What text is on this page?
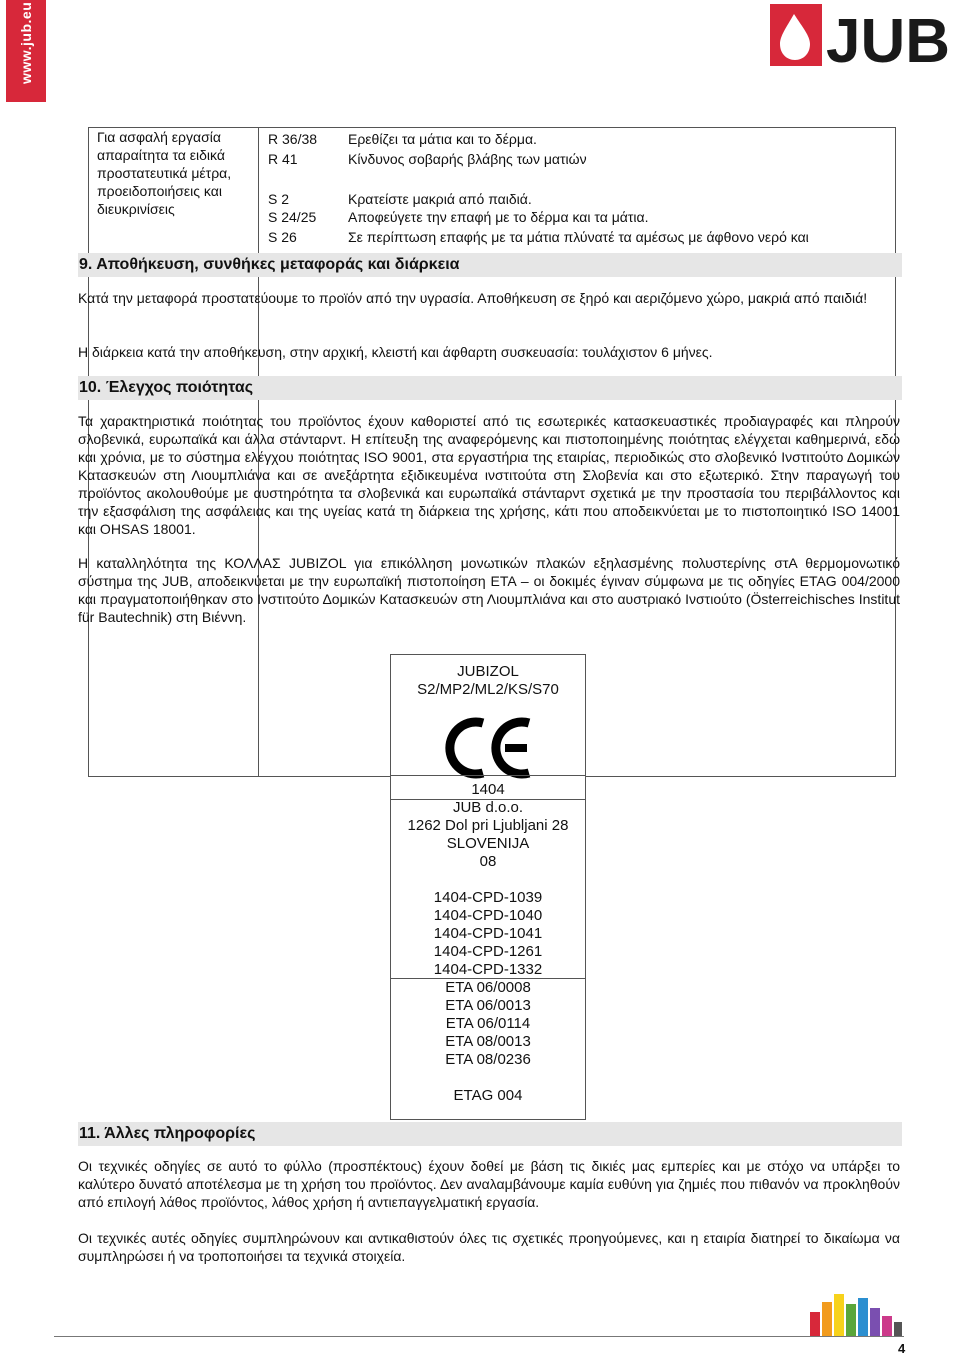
www.jub.eu	JUB
Για ασφαλή εργασία
απαραίτητα τα ειδικά
προστατευτικά μέτρα,
προειδοποιήσεις και
διευκρινίσεις
R 36/38 Ερεθίζει τα μάτια και το δέρμα.
R 41	Κίνδυνος σοβαρής βλάβης των ματιών
S 2	Κρατείστε μακριά από παιδιά.
S 24/25 Αποφεύγετε την επαφή με το δέρμα και τα μάτια.
S 26	Σε περίπτωση επαφής με τα μάτια πλύνατέ τα αμέσως με άφθονο νερό και
9. Αποθήκευση, συνθήκες μεταφοράς και διάρκεια
Κατά την μεταφορά προστατεύουμε το προϊόν από την υγρασία. Αποθήκευση σε ξηρό και αεριζόμενο χώρο, μακριά από παιδιά!
Η διάρκεια κατά την αποθήκευση, στην αρχική, κλειστή και άφθαρτη συσκευασία: τουλάχιστον 6 μήνες.
10. Έλεγχος ποιότητας
Τα χαρακτηριστικά ποιότητας του προϊόντος έχουν καθοριστεί από τις εσωτερικές κατασκευαστικές προδιαγραφές και πληρούν σλοβενικά, ευρωπαϊκά και άλλα στάνταρντ. Η επίτευξη της αναφερόμενης και πιστοποιημένης ποιότητας ελέγχεται καθημερινά, εδώ και χρόνια, με το σύστημα ελέγχου ποιότητας ISO 9001, στα εργαστήρια της εταιρίας, περιοδικώς στο σλοβενικό Ινστιτούτο Δομικών Κατασκευών στη Λιουμπλιάνα και σε ανεξάρτητα εξιδικευμένα ινστιτούτα στη Σλοβενία και στο εξωτερικό. Στην παραγωγή του προϊόντος ακολουθούμε με αυστηρότητα τα σλοβενικά και ευρωπαϊκά στάνταρντ σχετικά με την προστασία του περιβάλλοντος και την εξασφάλιση της ασφάλειας και της υγείας κατά τη διάρκεια της χρήσης, κάτι που αποδεικνύεται με το πιστοποιητικό ISO 14001 και OHSAS 18001.
Η καταλληλότητα της ΚΟΛΛΑΣ JUBIZOL για επικόλληση μονωτικών πλακών εξηλασμένης πολυστερίνης στΑ θερμομονωτικό σύστημα της JUB, αποδεικνύεται με την ευρωπαϊκή πιστοποίηση ΕΤΑ – οι δοκιμές έγιναν σύμφωνα με τις οδηγίες ETAG 004/2000 και πραγματοποιήθηκαν στο Ινστιτούτο Δομικών Κατασκευών στη Λιουμπλιάνα και στο αυστριακό Ινστιούτο (Österreichisches Institut für Bautechnik) στη Βιέννη.
JUBIZOL
S2/MP2/ML2/KS/S70
1404
JUB d.o.o.
1262 Dol pri Ljubljani 28
SLOVENIJA
08
1404-CPD-1039
1404-CPD-1040
1404-CPD-1041
1404-CPD-1261
1404-CPD-1332
ETA 06/0008
ETA 06/0013
ETA 06/0114
ETA 08/0013
ETA 08/0236
ETAG 004
11. Άλλες πληροφορίες
Οι τεχνικές οδηγίες σε αυτό το φύλλο (προσπέκτους) έχουν δοθεί με βάση τις δικιές μας εμπερίες και με στόχο να υπάρξει το καλύτερο δυνατό αποτέλεσμα με τη χρήση του προϊόντος. Δεν αναλαμβάνουμε καμία ευθύνη για ζημιές που πιθανόν να προκληθούν από επιλογή λάθος προϊόντος, λάθος χρήση ή αντιεπαγγελματική εργασία.
Οι τεχνικές αυτές οδηγίες συμπληρώνουν και αντικαθιστούν όλες τις σχετικές προηγούμενες, και η εταιρία διατηρεί το δικαίωμα να συμπληρώσει ή να τροποποιήσει τα τεχνικά στοιχεία.
4
